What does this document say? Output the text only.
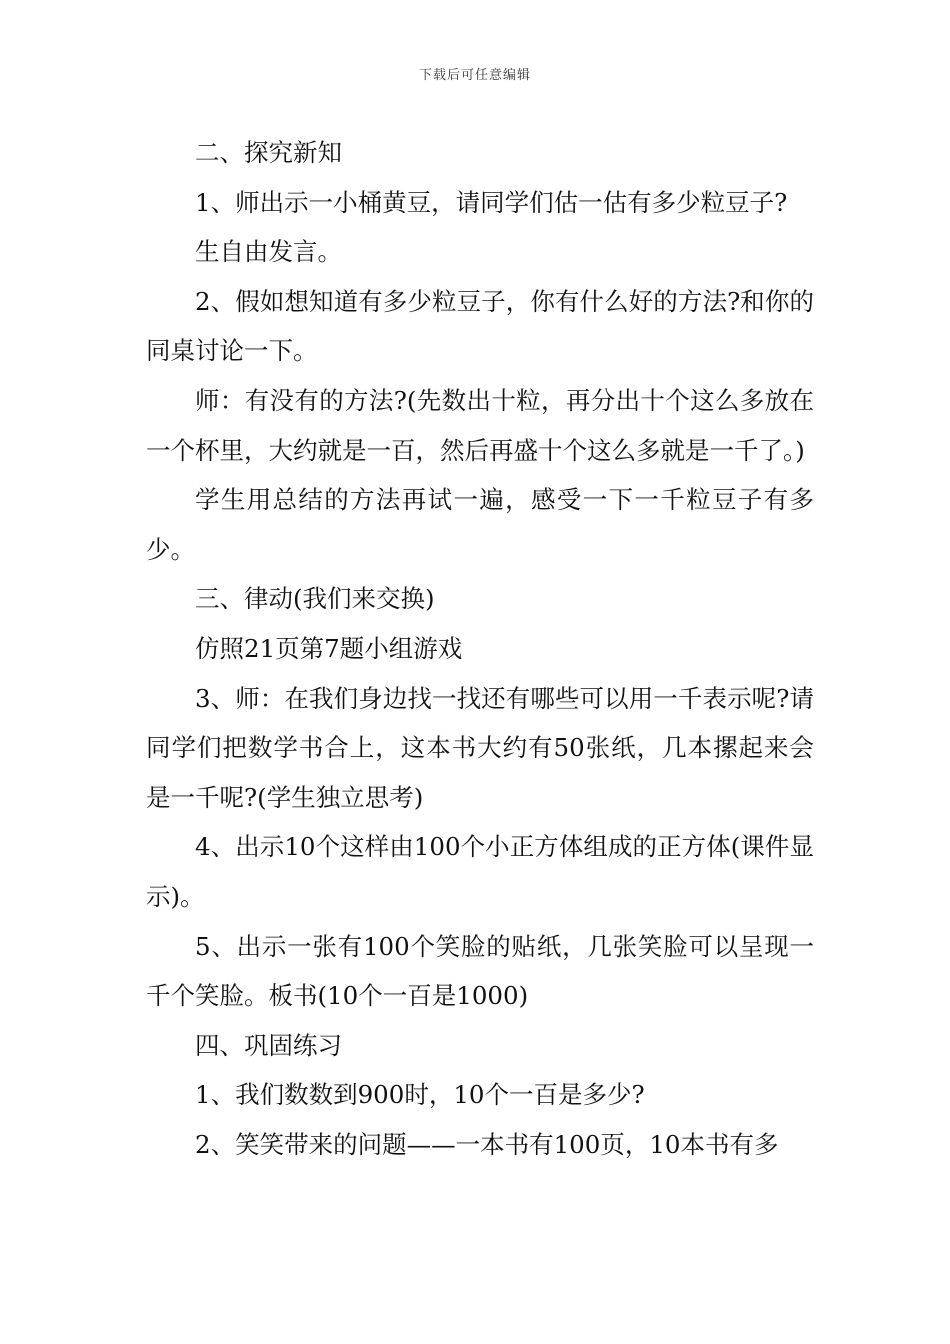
下载后可任意编辑

二、探究新知

1、师出示一小桶黄豆，请同学们估一估有多少粒豆子?

生自由发言。

2、假如想知道有多少粒豆子，你有什么好的方法?和你的同桌讨论一下。

师：有没有的方法?(先数出十粒，再分出十个这么多放在一个杯里，大约就是一百，然后再盛十个这么多就是一千了。)

学生用总结的方法再试一遍，感受一下一千粒豆子有多少。

三、律动(我们来交换)

仿照21页第7题小组游戏

3、师：在我们身边找一找还有哪些可以用一千表示呢?请同学们把数学书合上，这本书大约有50张纸，几本摞起来会是一千呢?(学生独立思考)

4、出示10个这样由100个小正方体组成的正方体(课件显示)。

5、出示一张有100个笑脸的贴纸，几张笑脸可以呈现一千个笑脸。板书(10个一百是1000)

四、巩固练习

1、我们数数到900时，10个一百是多少?

2、笑笑带来的问题——一本书有100页，10本书有多
